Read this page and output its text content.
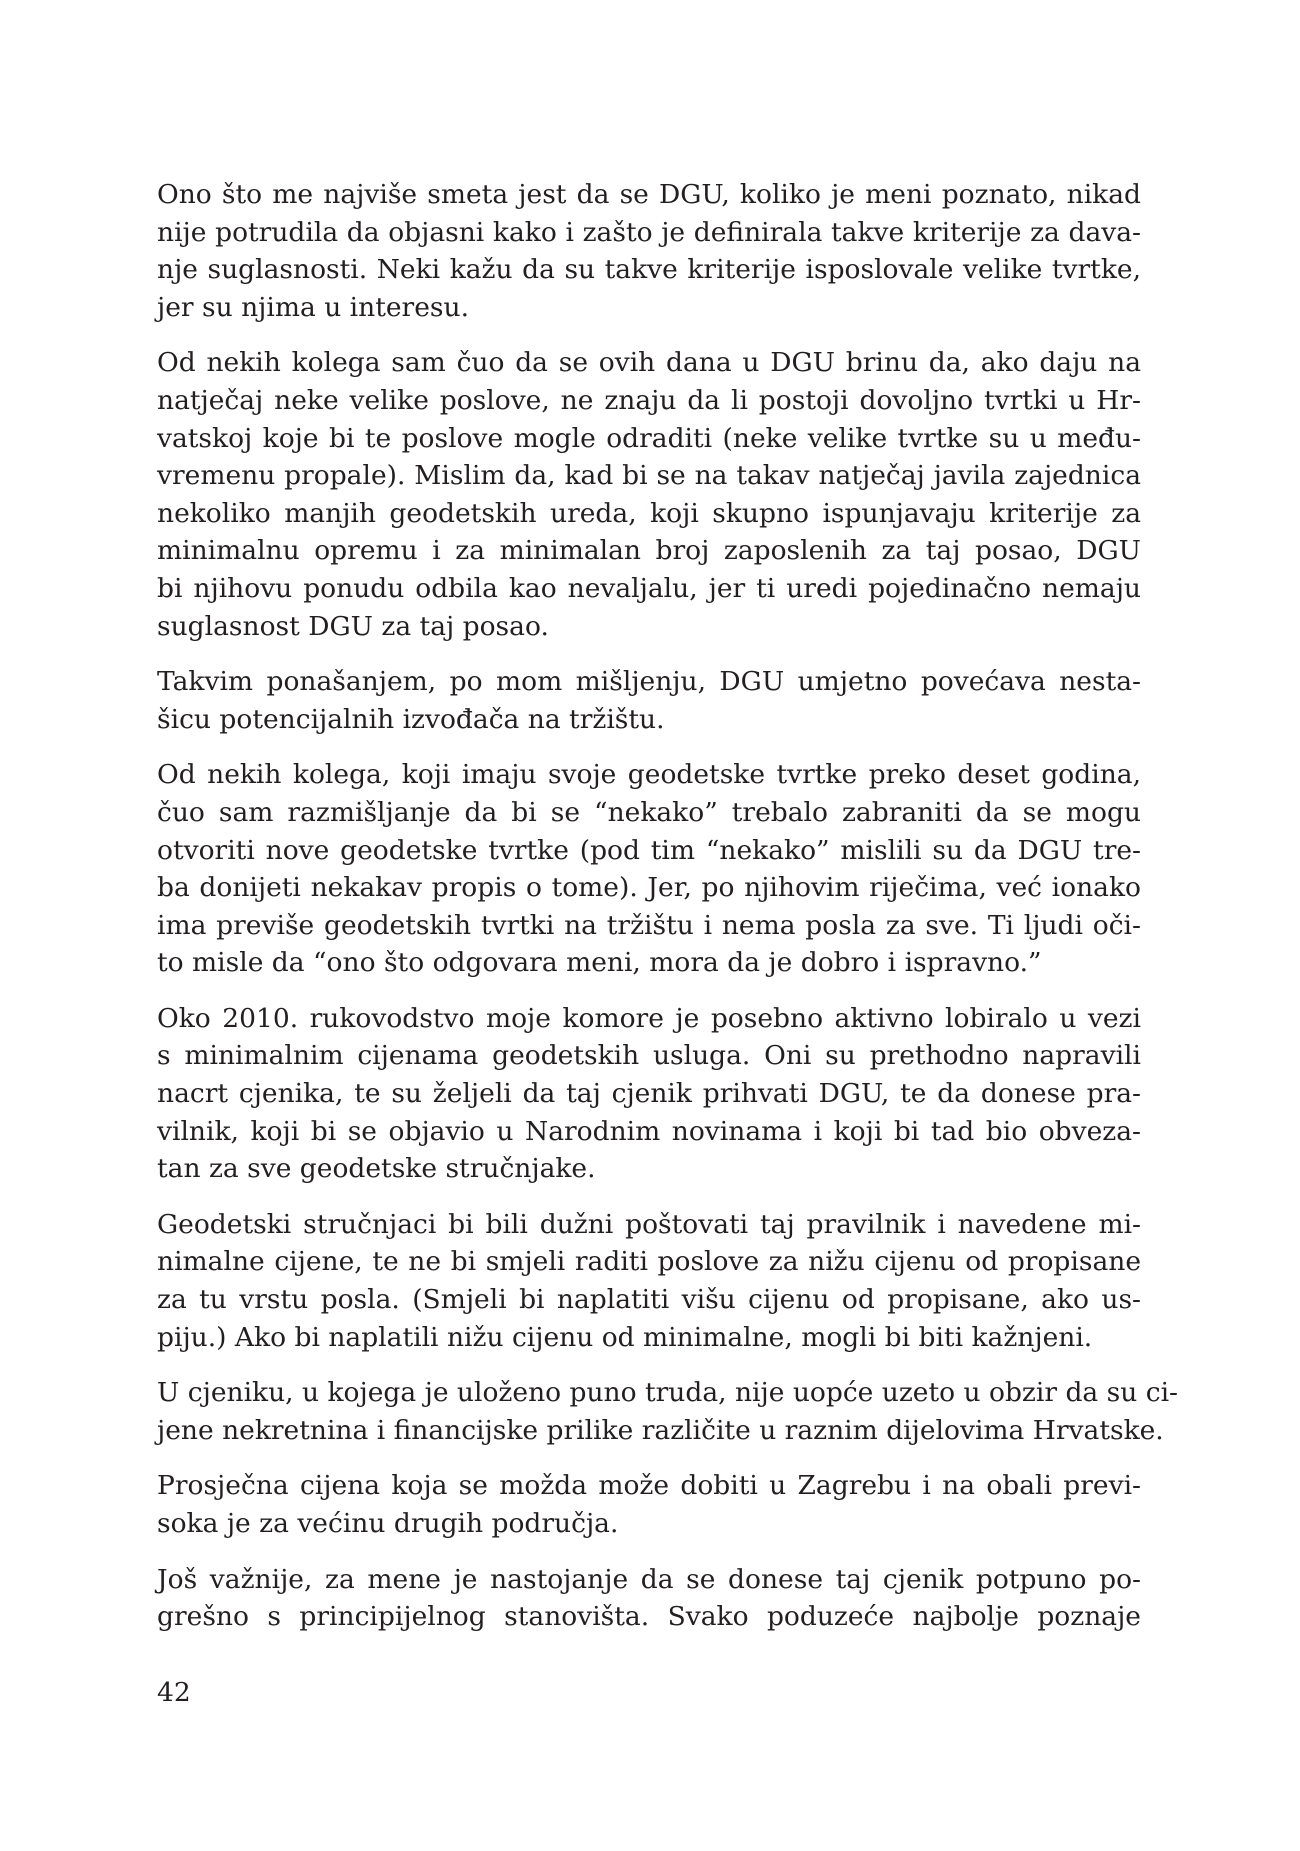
Ono što me najviše smeta jest da se DGU, koliko je meni poznato, nikad
nije potrudila da objasni kako i zašto je definirala takve kriterije za dava-
nje suglasnosti. Neki kažu da su takve kriterije isposlovale velike tvrtke,
jer su njima u interesu.

Od nekih kolega sam čuo da se ovih dana u DGU brinu da, ako daju na
natječaj neke velike poslove, ne znaju da li postoji dovoljno tvrtki u Hr-
vatskoj koje bi te poslove mogle odraditi (neke velike tvrtke su u među-
vremenu propale). Mislim da, kad bi se na takav natječaj javila zajednica
nekoliko manjih geodetskih ureda, koji skupno ispunjavaju kriterije za
minimalnu opremu i za minimalan broj zaposlenih za taj posao, DGU
bi njihovu ponudu odbila kao nevaljalu, jer ti uredi pojedinačno nemaju
suglasnost DGU za taj posao.

Takvim ponašanjem, po mom mišljenju, DGU umjetno povećava nesta-
šicu potencijalnih izvođača na tržištu.

Od nekih kolega, koji imaju svoje geodetske tvrtke preko deset godina,
čuo sam razmišljanje da bi se “nekako” trebalo zabraniti da se mogu
otvoriti nove geodetske tvrtke (pod tim “nekako” mislili su da DGU tre-
ba donijeti nekakav propis o tome). Jer, po njihovim riječima, već ionako
ima previše geodetskih tvrtki na tržištu i nema posla za sve. Ti ljudi oči-
to misle da “ono što odgovara meni, mora da je dobro i ispravno.”

Oko 2010. rukovodstvo moje komore je posebno aktivno lobiralo u vezi
s minimalnim cijenama geodetskih usluga. Oni su prethodno napravili
nacrt cjenika, te su željeli da taj cjenik prihvati DGU, te da donese pra-
vilnik, koji bi se objavio u Narodnim novinama i koji bi tad bio obveza-
tan za sve geodetske stručnjake.

Geodetski stručnjaci bi bili dužni poštovati taj pravilnik i navedene mi-
nimalne cijene, te ne bi smjeli raditi poslove za nižu cijenu od propisane
za tu vrstu posla. (Smjeli bi naplatiti višu cijenu od propisane, ako us-
piju.) Ako bi naplatili nižu cijenu od minimalne, mogli bi biti kažnjeni.

U cjeniku, u kojega je uloženo puno truda, nije uopće uzeto u obzir da su ci-
jene nekretnina i financijske prilike različite u raznim dijelovima Hrvatske.

Prosječna cijena koja se možda može dobiti u Zagrebu i na obali previ-
soka je za većinu drugih područja.

Još važnije, za mene je nastojanje da se donese taj cjenik potpuno po-
grešno s principijelnog stanovišta. Svako poduzeće najbolje poznaje

42
